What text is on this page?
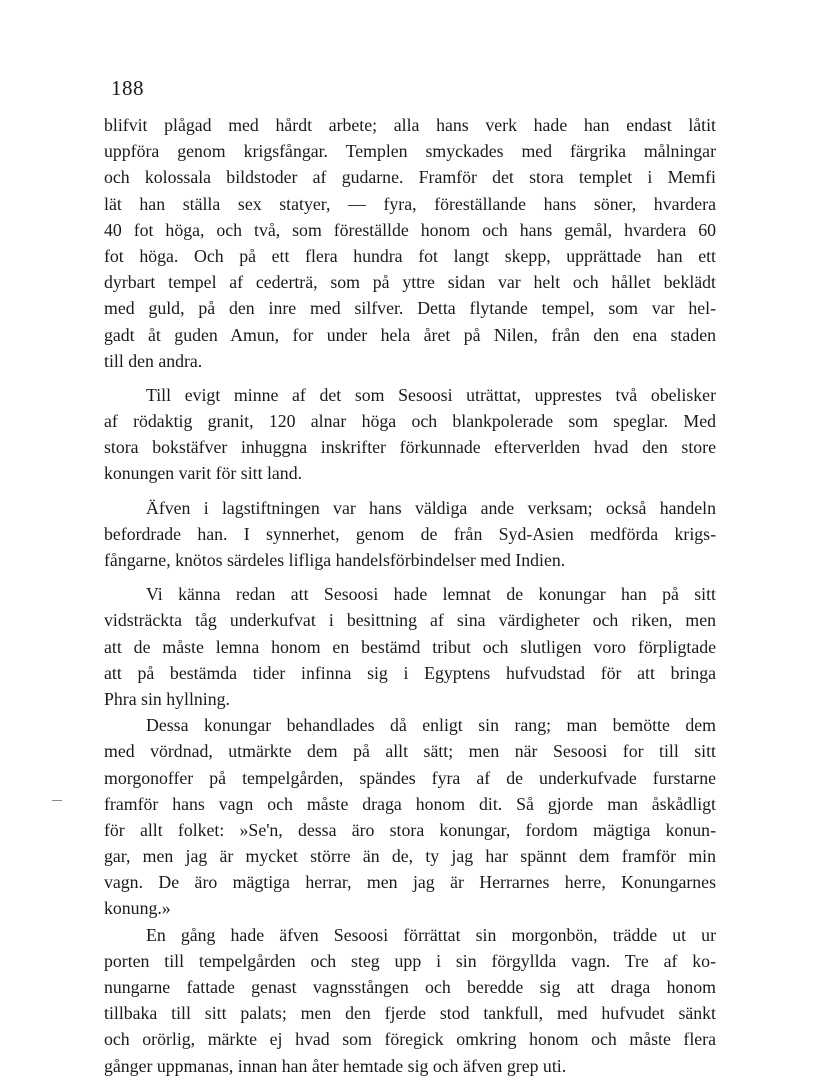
188
blifvit plågad med hårdt arbete; alla hans verk hade han endast låtit
uppföra genom krigsfångar. Templen smyckades med färgrika målningar
och kolossala bildstoder af gudarne. Framför det stora templet i Memfi
lät han ställa sex statyer, — fyra, föreställande hans söner, hvardera
40 fot höga, och två, som föreställde honom och hans gemål, hvardera 60
fot höga. Och på ett flera hundra fot langt skepp, upprättade han ett
dyrbart tempel af cederträ, som på yttre sidan var helt och hållet beklädt
med guld, på den inre med silfver. Detta flytande tempel, som var hel-
gadt åt guden Amun, for under hela året på Nilen, från den ena staden
till den andra.
Till evigt minne af det som Sesoosi uträttat, upprestes två obelisker
af rödaktig granit, 120 alnar höga och blankpolerade som speglar. Med
stora bokstäfver inhuggna inskrifter förkunnade efterverlden hvad den store
konungen varit för sitt land.
Äfven i lagstiftningen var hans väldiga ande verksam; också handeln
befordrade han. I synnerhet, genom de från Syd-Asien medförda krigs-
fångarne, knötos särdeles lifliga handelsförbindelser med Indien.
Vi känna redan att Sesoosi hade lemnat de konungar han på sitt
vidsträckta tåg underkufvat i besittning af sina värdigheter och riken, men
att de måste lemna honom en bestämd tribut och slutligen voro förpligtade
att på bestämda tider infinna sig i Egyptens hufvudstad för att bringa
Phra sin hyllning.
Dessa konungar behandlades då enligt sin rang; man bemötte dem
med vördnad, utmärkte dem på allt sätt; men när Sesoosi for till sitt
morgonoffer på tempelgården, spändes fyra af de underkufvade furstarne
framför hans vagn och måste draga honom dit. Så gjorde man åskådligt
för allt folket: »Se'n, dessa äro stora konungar, fordom mägtiga konun-
gar, men jag är mycket större än de, ty jag har spännt dem framför min
vagn. De äro mägtiga herrar, men jag är Herrarnes herre, Konungarnes
konung.»
En gång hade äfven Sesoosi förrättat sin morgonbön, trädde ut ur
porten till tempelgården och steg upp i sin förgyllda vagn. Tre af ko-
nungarne fattade genast vagnsstången och beredde sig att draga honom
tillbaka till sitt palats; men den fjerde stod tankfull, med hufvudet sänkt
och orörlig, märkte ej hvad som föregick omkring honom och måste flera
gånger uppmanas, innan han åter hemtade sig och äfven grep uti.
